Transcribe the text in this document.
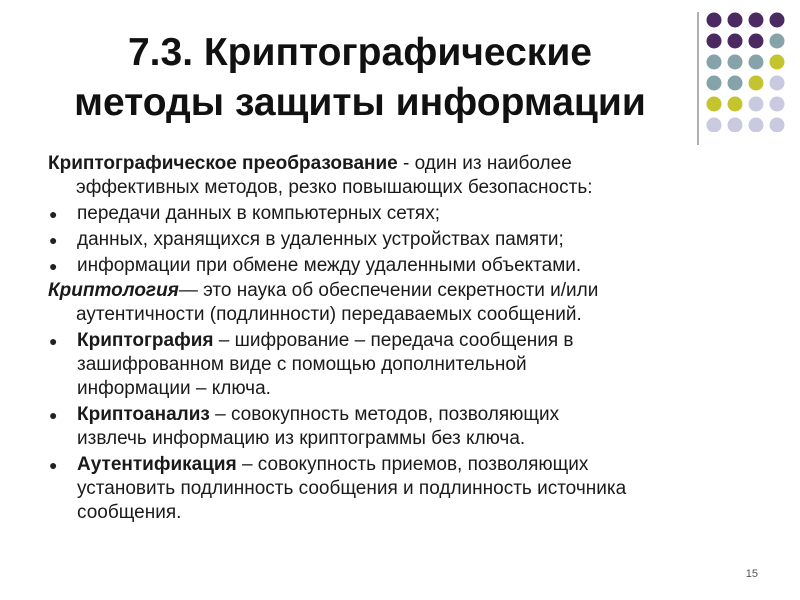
7.3. Криптографические
методы защиты информации
Криптографическое преобразование - один из наиболее
эффективных методов, резко повышающих безопасность:
● передачи данных в компьютерных сетях;
● данных, хранящихся в удаленных устройствах памяти;
● информации при обмене между удаленными объектами.
Криптология— это наука об обеспечении секретности и/или
аутентичности (подлинности) передаваемых сообщений.
● Криптография – шифрование – передача сообщения в
зашифрованном виде с помощью дополнительной
информации – ключа.
● Криптоанализ – совокупность методов, позволяющих
извлечь информацию из криптограммы без ключа.
● Аутентификация – совокупность приемов, позволяющих
установить подлинность сообщения и подлинность источника
сообщения.
15
